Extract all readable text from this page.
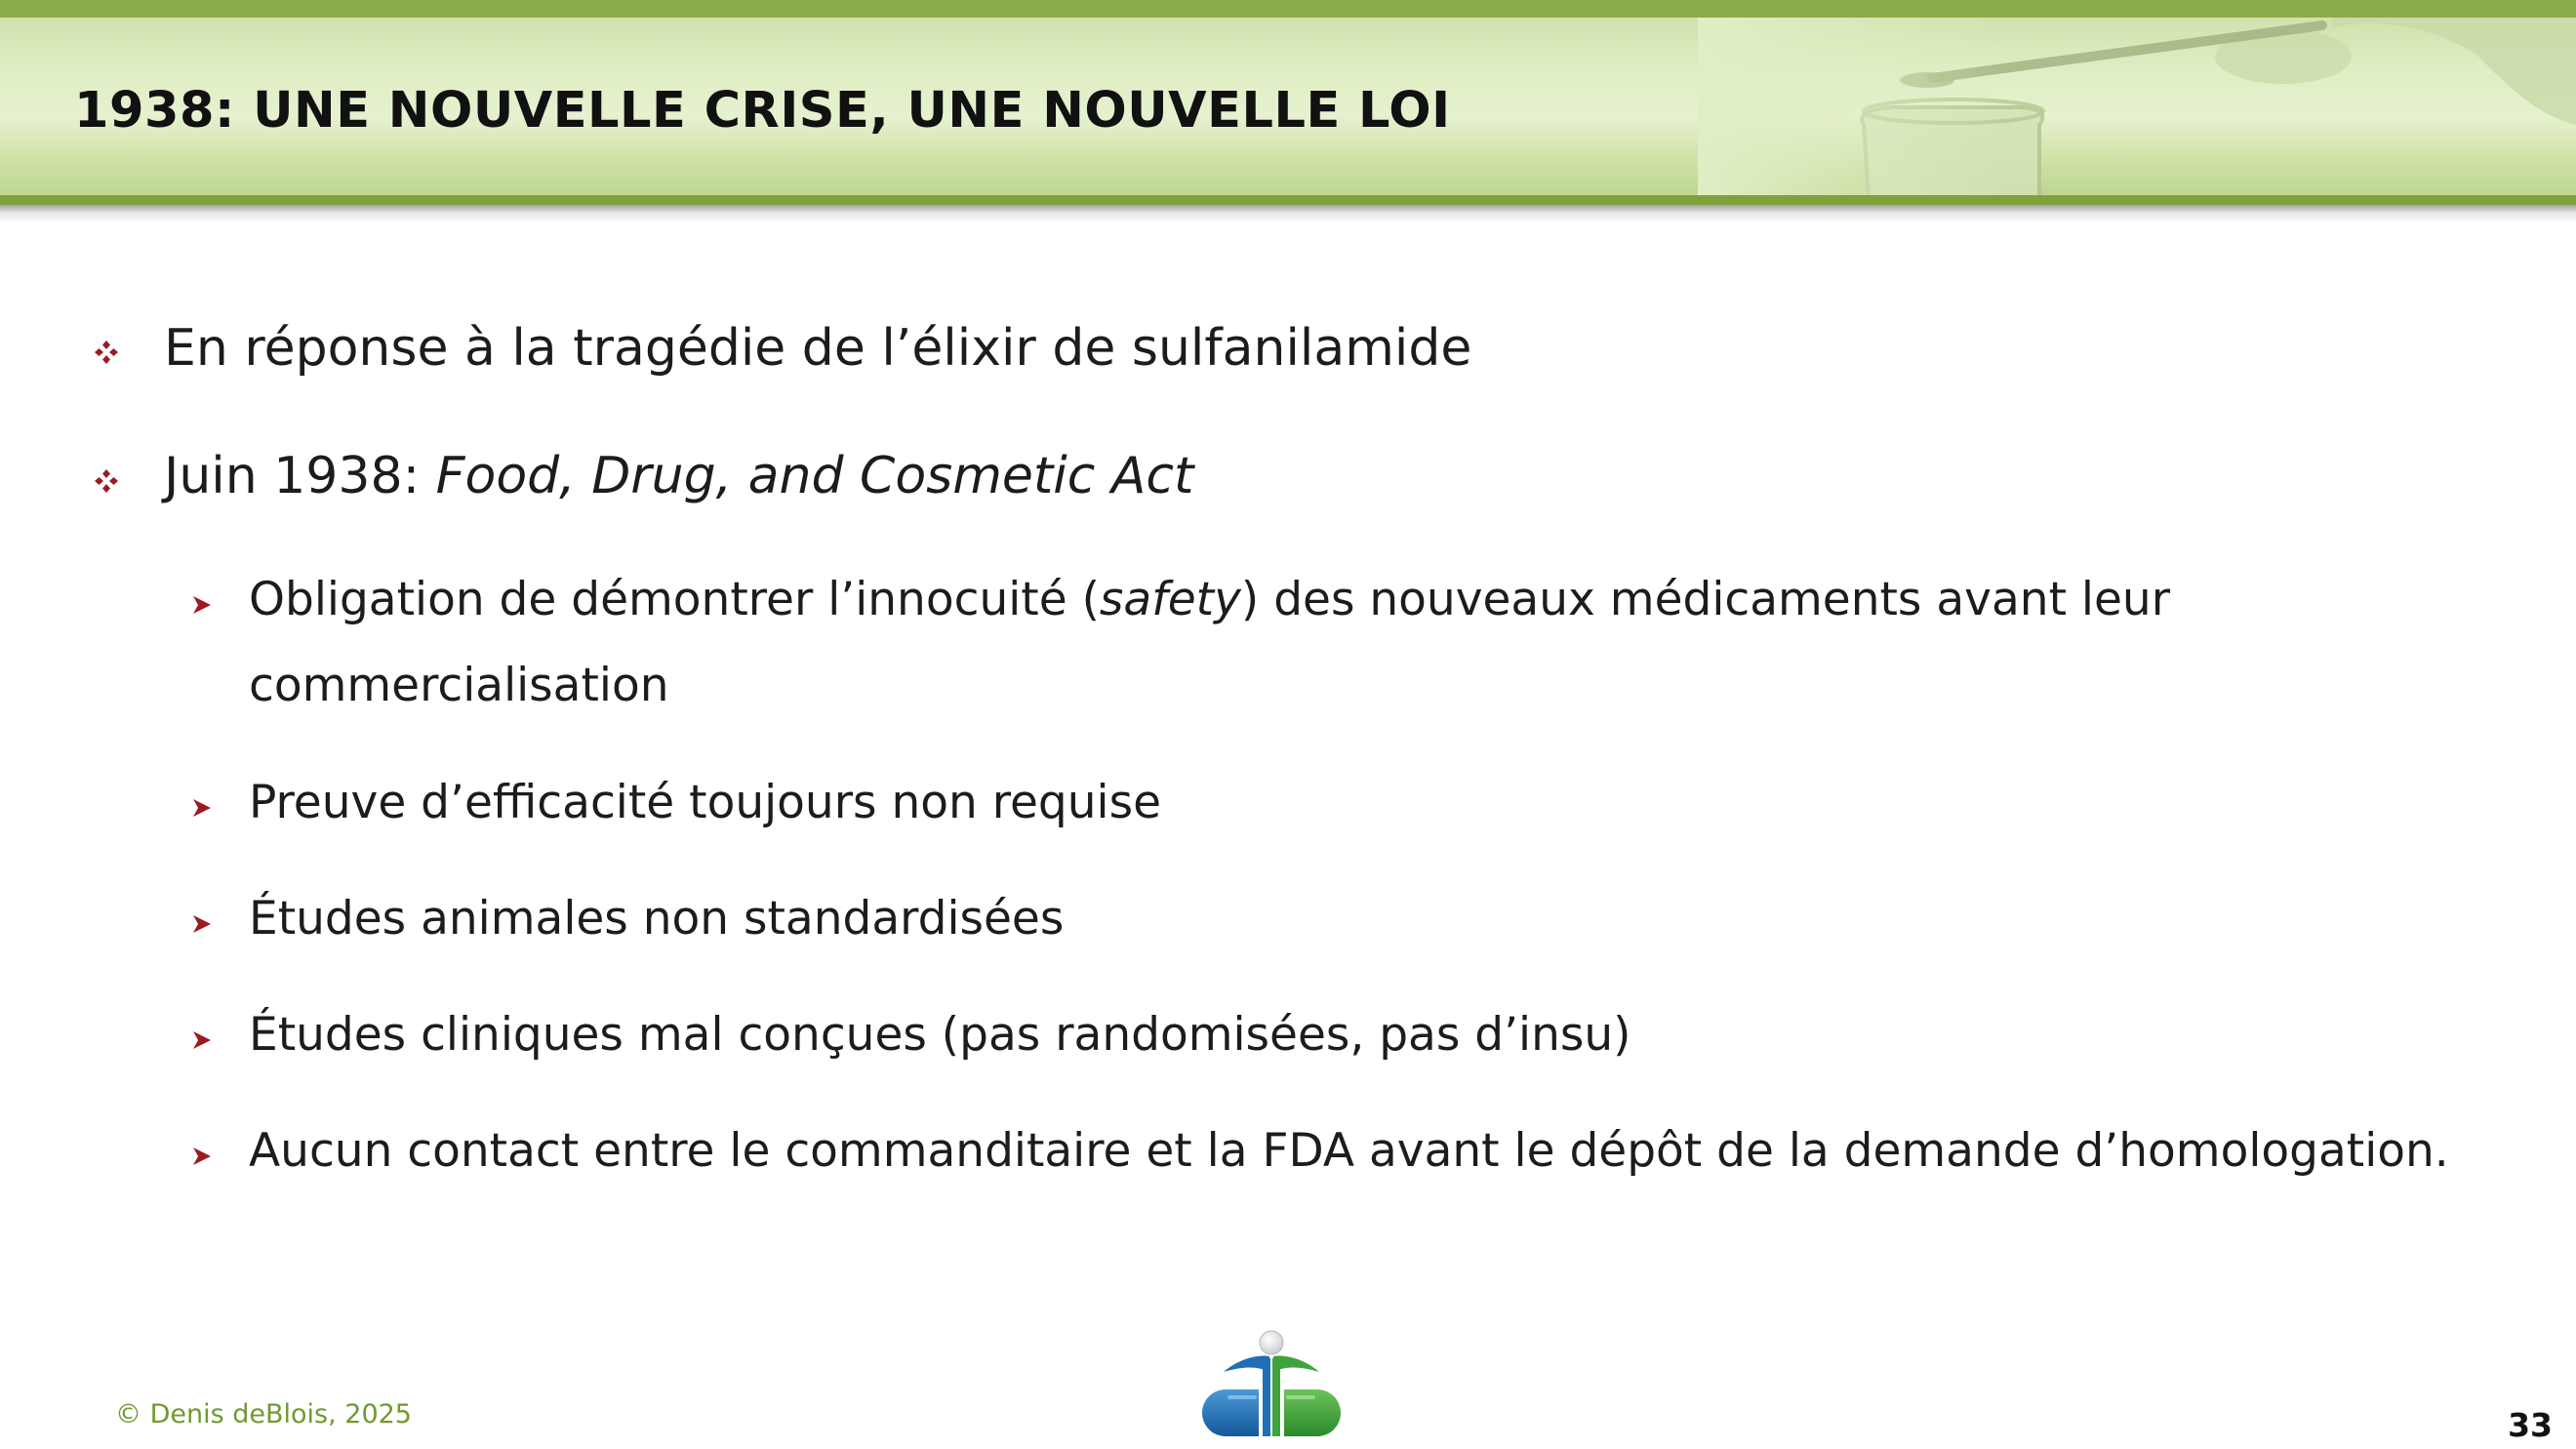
1938: UNE NOUVELLE CRISE, UNE NOUVELLE LOI

En réponse à la tragédie de l’élixir de sulfanilamide

Juin 1938: Food, Drug, and Cosmetic Act

Obligation de démontrer l’innocuité (safety) des nouveaux médicaments avant leur commercialisation

Preuve d’efficacité toujours non requise

Études animales non standardisées

Études cliniques mal conçues (pas randomisées, pas d’insu)

Aucun contact entre le commanditaire et la FDA avant le dépôt de la demande d’homologation.

© Denis deBlois, 2025	33
